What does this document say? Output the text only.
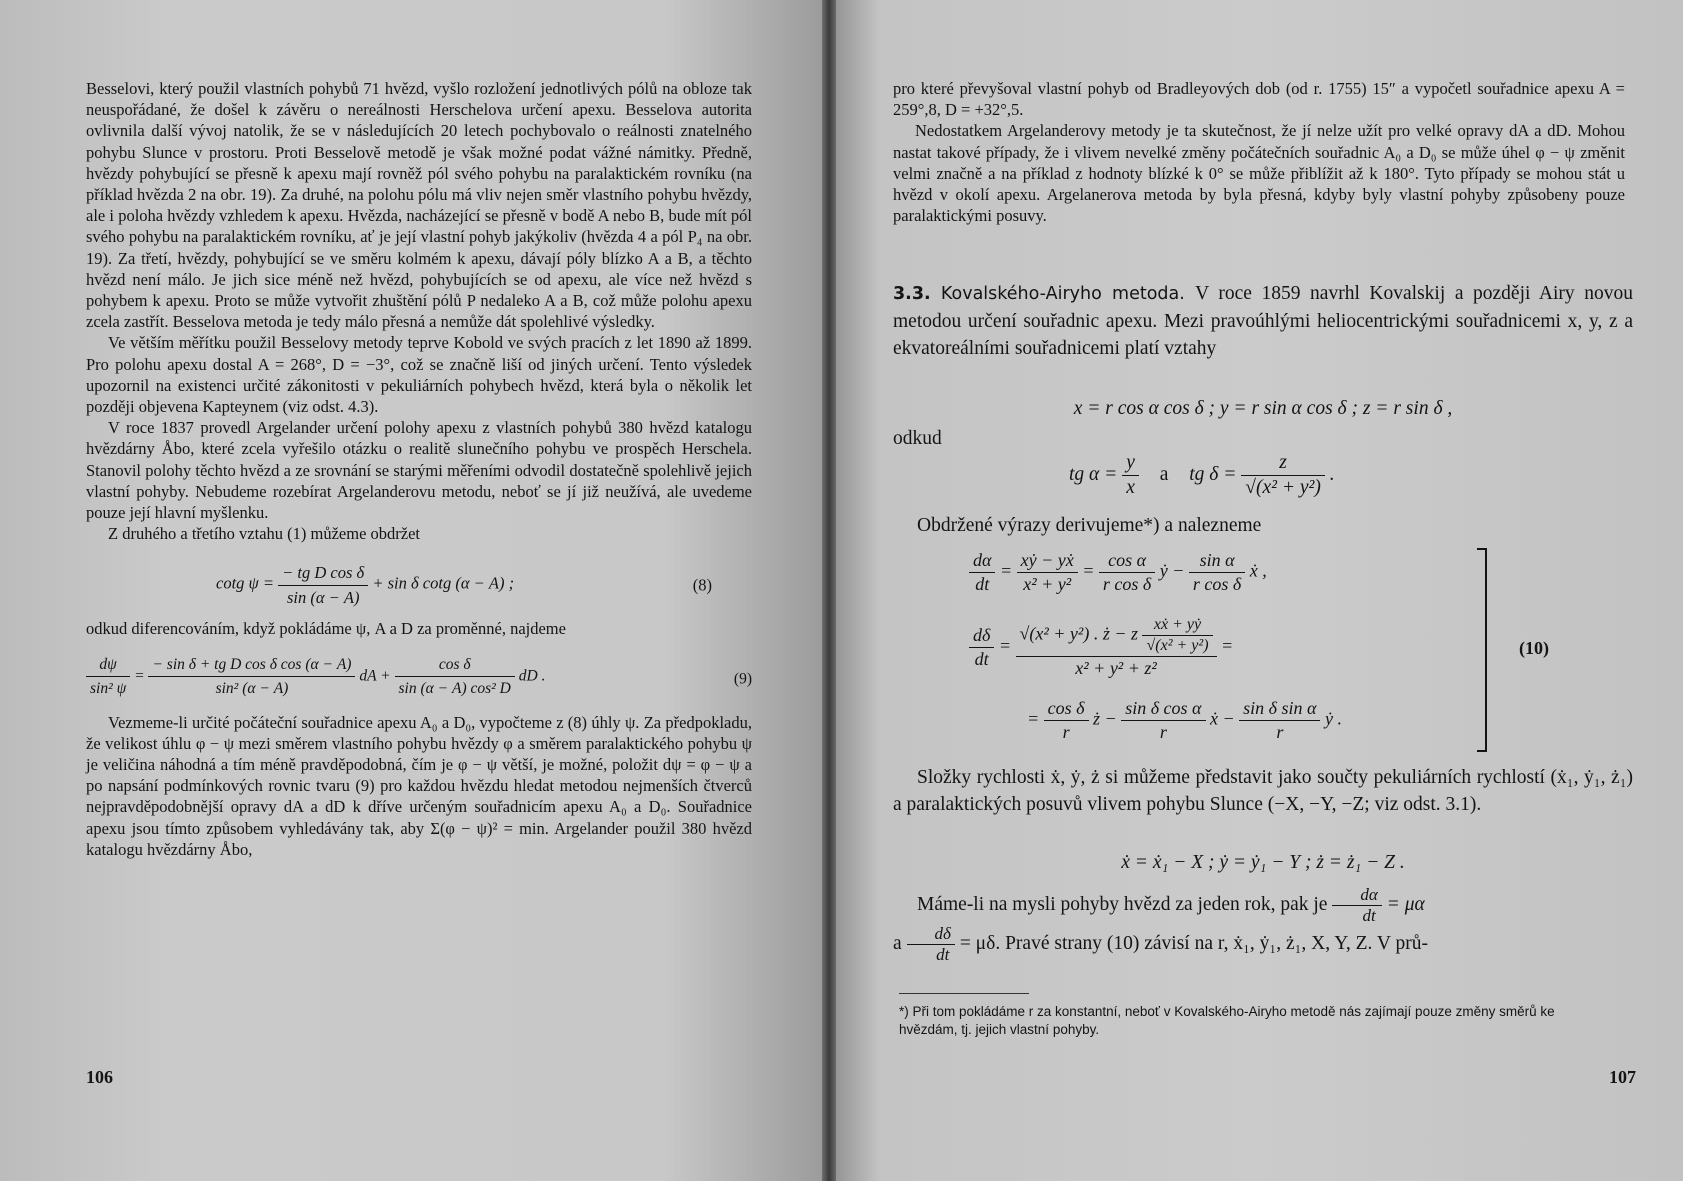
Besselovi, který použil vlastních pohybů 71 hvězd, vyšlo rozložení jednotlivých pólů na obloze tak neuspořádané, že došel k závěru o nereálnosti Herschelova určení apexu. Besselova autorita ovlivnila další vývoj natolik, že se v následujících 20 letech pochybovalo o reálnosti znatelného pohybu Slunce v prostoru. Proti Besselově metodě je však možné podat vážné námitky. Předně, hvězdy pohybující se přesně k apexu mají rovněž pól svého pohybu na paralaktickém rovníku (na příklad hvězda 2 na obr. 19). Za druhé, na polohu pólu má vliv nejen směr vlastního pohybu hvězdy, ale i poloha hvězdy vzhledem k apexu. Hvězda, nacházející se přesně v bodě A nebo B, bude mít pól svého pohybu na paralaktickém rovníku, ať je její vlastní pohyb jakýkoliv (hvězda 4 a pól P₄ na obr. 19). Za třetí, hvězdy, pohybující se ve směru kolmém k apexu, dávají póly blízko A a B, a těchto hvězd není málo. Je jich sice méně než hvězd, pohybujících se od apexu, ale více než hvězd s pohybem k apexu. Proto se může vytvořit zhuštění pólů P nedaleko A a B, což může polohu apexu zcela zastřít. Besselova metoda je tedy málo přesná a nemůže dát spolehlivé výsledky.

Ve větším měřítku použil Besselovy metody teprve Kobold ve svých pracích z let 1890 až 1899. Pro polohu apexu dostal A = 268°, D = −3°, což se značně liší od jiných určení. Tento výsledek upozornil na existenci určité zákonitosti v pekuliárních pohybech hvězd, která byla o několik let později objevena Kapteynem (viz odst. 4.3).

V roce 1837 provedl Argelander určení polohy apexu z vlastních pohybů 380 hvězd katalogu hvězdárny Åbo, které zcela vyřešilo otázku o realitě slunečního pohybu ve prospěch Herschela. Stanovil polohy těchto hvězd a ze srovnání se starými měřeními odvodil dostatečně spolehlivě jejich vlastní pohyby. Nebudeme rozebírat Argelanderovu metodu, neboť se jí již neužívá, ale uvedeme pouze její hlavní myšlenku.

Z druhého a třetího vztahu (1) můžeme obdržet

cotg $\psi = \frac{\text{− tg D cos δ}}{\sin (\alpha - A)} + \sin \delta$ cotg (α − A) ;	(8)

odkud diferencováním, když pokládáme ψ, A a D za proměnné, najdeme

$\frac{d\psi}{\text{sin² ψ}} = \frac{\text{− sin δ + tg D cos δ cos (α − A)}}{\text{sin² (α − A)}}$ dA + $\frac{\text{cos δ}}{\text{sin (α − A) cos² D}}$ dD .	(9)

Vezmeme-li určité počáteční souřadnice apexu A₀ a D₀, vypočteme z (8) úhly ψ. Za předpokladu, že velikost úhlu φ − ψ mezi směrem vlastního pohybu hvězdy φ a směrem paralaktického pohybu ψ je veličina náhodná a tím méně pravděpodobná, čím je φ − ψ větší, je možné, položit dψ = φ − ψ a po napsání podmínkových rovnic tvaru (9) pro každou hvězdu hledat metodou nejmenších čtverců nejpravděpodobnější opravy dA a dD k dříve určeným souřadnicím apexu A₀ a D₀. Souřadnice apexu jsou tímto způsobem vyhledávány tak, aby Σ(φ − ψ)² = min. Argelander použil 380 hvězd katalogu hvězdárny Åbo,

106

pro které převyšoval vlastní pohyb od Bradleyových dob (od r. 1755) 15″ a vypočetl souřadnice apexu A = 259°,8, D = +32°,5.

Nedostatkem Argelanderovy metody je ta skutečnost, že jí nelze užít pro velké opravy dA a dD. Mohou nastat takové případy, že i vlivem nevelké změny počátečních souřadnic A₀ a D₀ se může úhel φ − ψ změnit velmi značně a na příklad z hodnoty blízké k 0° se může přiblížit až k 180°. Tyto případy se mohou stát u hvězd v okolí apexu. Argelanerova metoda by byla přesná, kdyby byly vlastní pohyby způsobeny pouze paralaktickými posuvy.

3.3. Kovalského-Airyho metoda. V roce 1859 navrhl Kovalskij a později Airy novou metodou určení souřadnic apexu. Mezi pravoúhlými heliocentrickými souřadnicemi x, y, z a ekvatoreálními souřadnicemi platí vztahy

x = r cos α cos δ ; y = r sin α cos δ ; z = r sin δ ,
odkud
tg $\alpha = \frac{y}{x}$ a tg $\delta = \frac{z}{\text{√(x² + y²)}}$ .
Obdržené výrazy derivujeme*) a nalezneme
$\frac{d\alpha}{dt} = \frac{\text{xẏ − yẋ}}{\text{x² + y²}} = \frac{\text{cos α}}{\text{r cos δ}}$ ẏ − $\frac{\text{sin α}}{\text{r cos δ}}$ ẋ ,
$\frac{d\delta}{dt} = \frac{√(x^2 + y^2) . ż - z \frac{\text{xẋ + yẏ}}{\text{√(x² + y²)}}}{\text{x² + y² + z²}}$ =
= $\frac{\text{cos δ}}{r}$ ż − $\frac{\text{sin δ cos α}}{r}$ ẋ − $\frac{\text{sin δ sin α}}{r}$ ẏ .
(10)
Složky rychlosti ẋ, ẏ, ż si můžeme představit jako součty pekuliárních rychlostí (ẋ₁, ẏ₁, ż₁) a paralaktických posuvů vlivem pohybu Slunce (−X, −Y, −Z; viz odst. 3.1).
ẋ = ẋ₁ − X ; ẏ = ẏ₁ − Y ; ż = ż₁ − Z .
Máme-li na mysli pohyby hvězd za jeden rok, pak je $\frac{d\alpha}{dt} = \mu\alpha$
a $\frac{d\delta}{dt} = \mu\delta$. Pravé strany (10) závisí na r, ẋ₁, ẏ₁, ż₁, X, Y, Z. V prů-
*) Při tom pokládáme r za konstantní, neboť v Kovalského-Airyho metodě nás zajímají pouze změny směrů ke hvězdám, tj. jejich vlastní pohyby.
107
